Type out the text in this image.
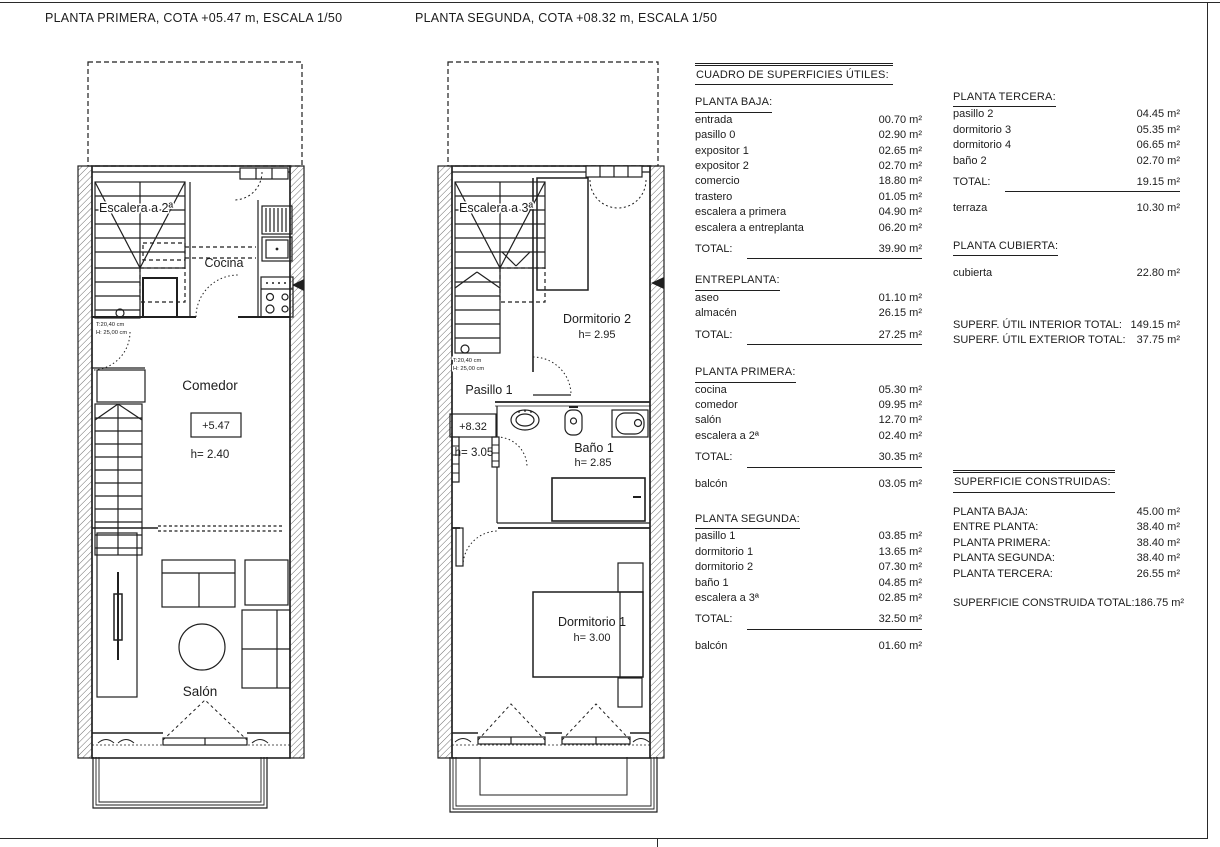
PLANTA PRIMERA, COTA +05.47 m, ESCALA 1/50	PLANTA SEGUNDA, COTA +08.32 m, ESCALA 1/50
Escalera a 2ª
T:20,40 cm
H: 25,00 cm
Cocina
Comedor
+5.47
h= 2.40
Salón
Escalera a 3ª
T:20,40 cm
H: 25,00 cm
Dormitorio 2
h= 2.95
Pasillo 1
+8.32
h= 3.05	Baño 1
h= 2.85
Dormitorio 1
h= 3.00
CUADRO DE SUPERFICIES ÚTILES:
PLANTA BAJA:
entrada	00.70 m²
pasillo 0	02.90 m²
expositor 1	02.65 m²
expositor 2	02.70 m²
comercio	18.80 m²
trastero	01.05 m²
escalera a primera	04.90 m²
escalera a entreplanta	06.20 m²
TOTAL:	39.90 m²
ENTREPLANTA:
aseo	01.10 m²
almacén	26.15 m²
TOTAL:	27.25 m²
PLANTA PRIMERA:
cocina	05.30 m²
comedor	09.95 m²
salón	12.70 m²
escalera a 2ª	02.40 m²
TOTAL:	30.35 m²
balcón	03.05 m²
PLANTA SEGUNDA:
pasillo 1	03.85 m²
dormitorio 1	13.65 m²
dormitorio 2	07.30 m²
baño 1	04.85 m²
escalera a 3ª	02.85 m²
TOTAL:	32.50 m²
balcón	01.60 m²
PLANTA TERCERA:
pasillo 2	04.45 m²
dormitorio 3	05.35 m²
dormitorio 4	06.65 m²
baño 2	02.70 m²
TOTAL:	19.15 m²
terraza	10.30 m²
PLANTA CUBIERTA:
cubierta	22.80 m²
SUPERF. ÚTIL INTERIOR TOTAL: 149.15 m²
SUPERF. ÚTIL EXTERIOR TOTAL: 37.75 m²
SUPERFICIE CONSTRUIDAS:
PLANTA BAJA:	45.00 m²
ENTRE PLANTA:	38.40 m²
PLANTA PRIMERA:	38.40 m²
PLANTA SEGUNDA:	38.40 m²
PLANTA TERCERA:	26.55 m²
SUPERFICIE CONSTRUIDA TOTAL: 186.75 m²
